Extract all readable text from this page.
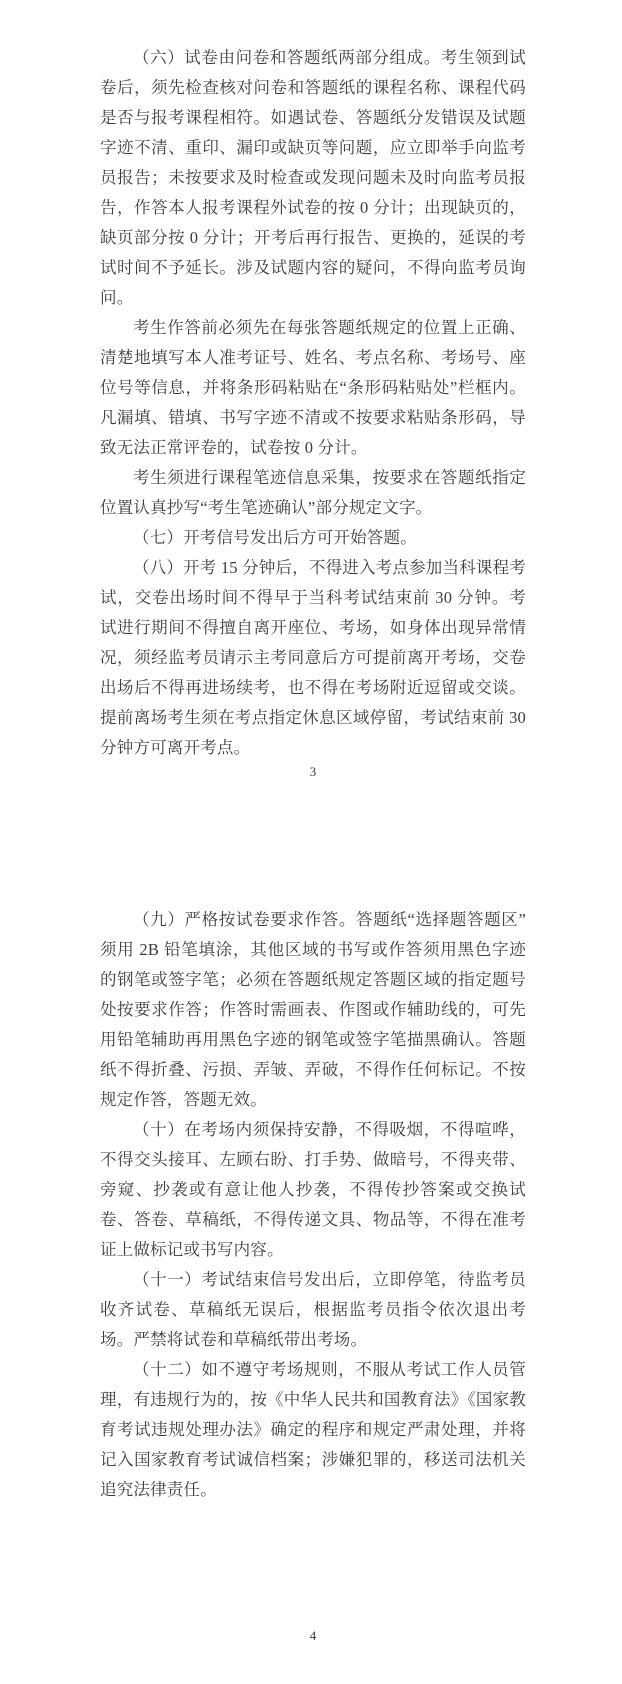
（六）试卷由问卷和答题纸两部分组成。考生领到试卷后，须先检查核对问卷和答题纸的课程名称、课程代码是否与报考课程相符。如遇试卷、答题纸分发错误及试题字迹不清、重印、漏印或缺页等问题，应立即举手向监考员报告；未按要求及时检查或发现问题未及时向监考员报告，作答本人报考课程外试卷的按 0 分计；出现缺页的，缺页部分按 0 分计；开考后再行报告、更换的，延误的考试时间不予延长。涉及试题内容的疑问，不得向监考员询问。

考生作答前必须先在每张答题纸规定的位置上正确、清楚地填写本人准考证号、姓名、考点名称、考场号、座位号等信息，并将条形码粘贴在“条形码粘贴处”栏框内。凡漏填、错填、书写字迹不清或不按要求粘贴条形码，导致无法正常评卷的，试卷按 0 分计。

考生须进行课程笔迹信息采集，按要求在答题纸指定位置认真抄写“考生笔迹确认”部分规定文字。

（七）开考信号发出后方可开始答题。

（八）开考 15 分钟后，不得进入考点参加当科课程考试，交卷出场时间不得早于当科考试结束前 30 分钟。考试进行期间不得擅自离开座位、考场，如身体出现异常情况，须经监考员请示主考同意后方可提前离开考场，交卷出场后不得再进场续考，也不得在考场附近逗留或交谈。提前离场考生须在考点指定休息区域停留，考试结束前 30 分钟方可离开考点。

3

（九）严格按试卷要求作答。答题纸“选择题答题区”须用 2B 铅笔填涂，其他区域的书写或作答须用黑色字迹的钢笔或签字笔；必须在答题纸规定答题区域的指定题号处按要求作答；作答时需画表、作图或作辅助线的，可先用铅笔辅助再用黑色字迹的钢笔或签字笔描黑确认。答题纸不得折叠、污损、弄皱、弄破，不得作任何标记。不按规定作答，答题无效。

（十）在考场内须保持安静，不得吸烟，不得喧哗，不得交头接耳、左顾右盼、打手势、做暗号，不得夹带、旁窥、抄袭或有意让他人抄袭，不得传抄答案或交换试卷、答卷、草稿纸，不得传递文具、物品等，不得在准考证上做标记或书写内容。

（十一）考试结束信号发出后，立即停笔，待监考员收齐试卷、草稿纸无误后，根据监考员指令依次退出考场。严禁将试卷和草稿纸带出考场。

（十二）如不遵守考场规则，不服从考试工作人员管理，有违规行为的，按《中华人民共和国教育法》《国家教育考试违规处理办法》确定的程序和规定严肃处理，并将记入国家教育考试诚信档案；涉嫌犯罪的，移送司法机关追究法律责任。

4
